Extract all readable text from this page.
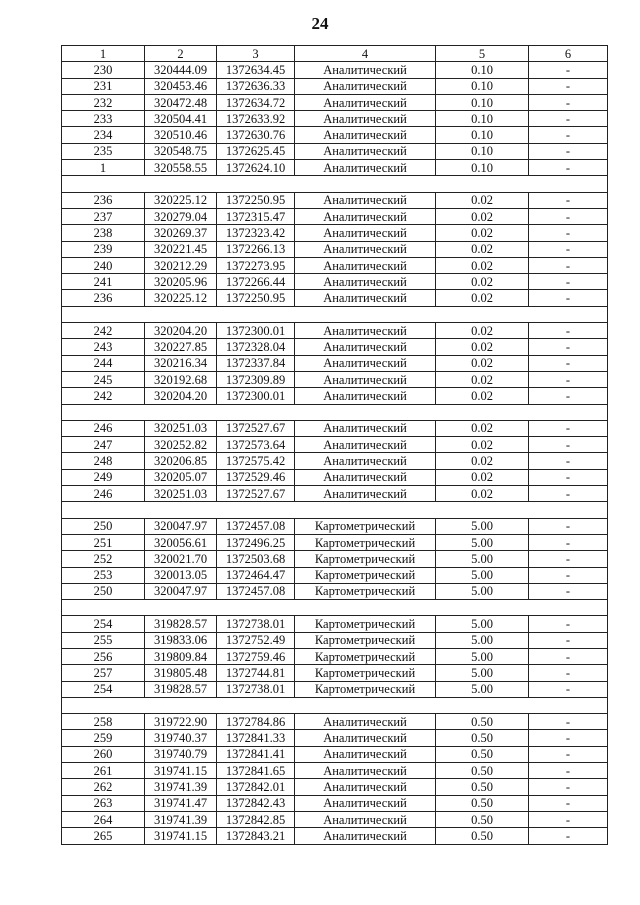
24
1	2	3	4	5	6
230	320444.09	1372634.45	Аналитический	0.10	-
231	320453.46	1372636.33	Аналитический	0.10	-
232	320472.48	1372634.72	Аналитический	0.10	-
233	320504.41	1372633.92	Аналитический	0.10	-
234	320510.46	1372630.76	Аналитический	0.10	-
235	320548.75	1372625.45	Аналитический	0.10	-
1	320558.55	1372624.10	Аналитический	0.10	-

236	320225.12	1372250.95	Аналитический	0.02	-
237	320279.04	1372315.47	Аналитический	0.02	-
238	320269.37	1372323.42	Аналитический	0.02	-
239	320221.45	1372266.13	Аналитический	0.02	-
240	320212.29	1372273.95	Аналитический	0.02	-
241	320205.96	1372266.44	Аналитический	0.02	-
236	320225.12	1372250.95	Аналитический	0.02	-

242	320204.20	1372300.01	Аналитический	0.02	-
243	320227.85	1372328.04	Аналитический	0.02	-
244	320216.34	1372337.84	Аналитический	0.02	-
245	320192.68	1372309.89	Аналитический	0.02	-
242	320204.20	1372300.01	Аналитический	0.02	-

246	320251.03	1372527.67	Аналитический	0.02	-
247	320252.82	1372573.64	Аналитический	0.02	-
248	320206.85	1372575.42	Аналитический	0.02	-
249	320205.07	1372529.46	Аналитический	0.02	-
246	320251.03	1372527.67	Аналитический	0.02	-

250	320047.97	1372457.08	Картометрический	5.00	-
251	320056.61	1372496.25	Картометрический	5.00	-
252	320021.70	1372503.68	Картометрический	5.00	-
253	320013.05	1372464.47	Картометрический	5.00	-
250	320047.97	1372457.08	Картометрический	5.00	-

254	319828.57	1372738.01	Картометрический	5.00	-
255	319833.06	1372752.49	Картометрический	5.00	-
256	319809.84	1372759.46	Картометрический	5.00	-
257	319805.48	1372744.81	Картометрический	5.00	-
254	319828.57	1372738.01	Картометрический	5.00	-

258	319722.90	1372784.86	Аналитический	0.50	-
259	319740.37	1372841.33	Аналитический	0.50	-
260	319740.79	1372841.41	Аналитический	0.50	-
261	319741.15	1372841.65	Аналитический	0.50	-
262	319741.39	1372842.01	Аналитический	0.50	-
263	319741.47	1372842.43	Аналитический	0.50	-
264	319741.39	1372842.85	Аналитический	0.50	-
265	319741.15	1372843.21	Аналитический	0.50	-
